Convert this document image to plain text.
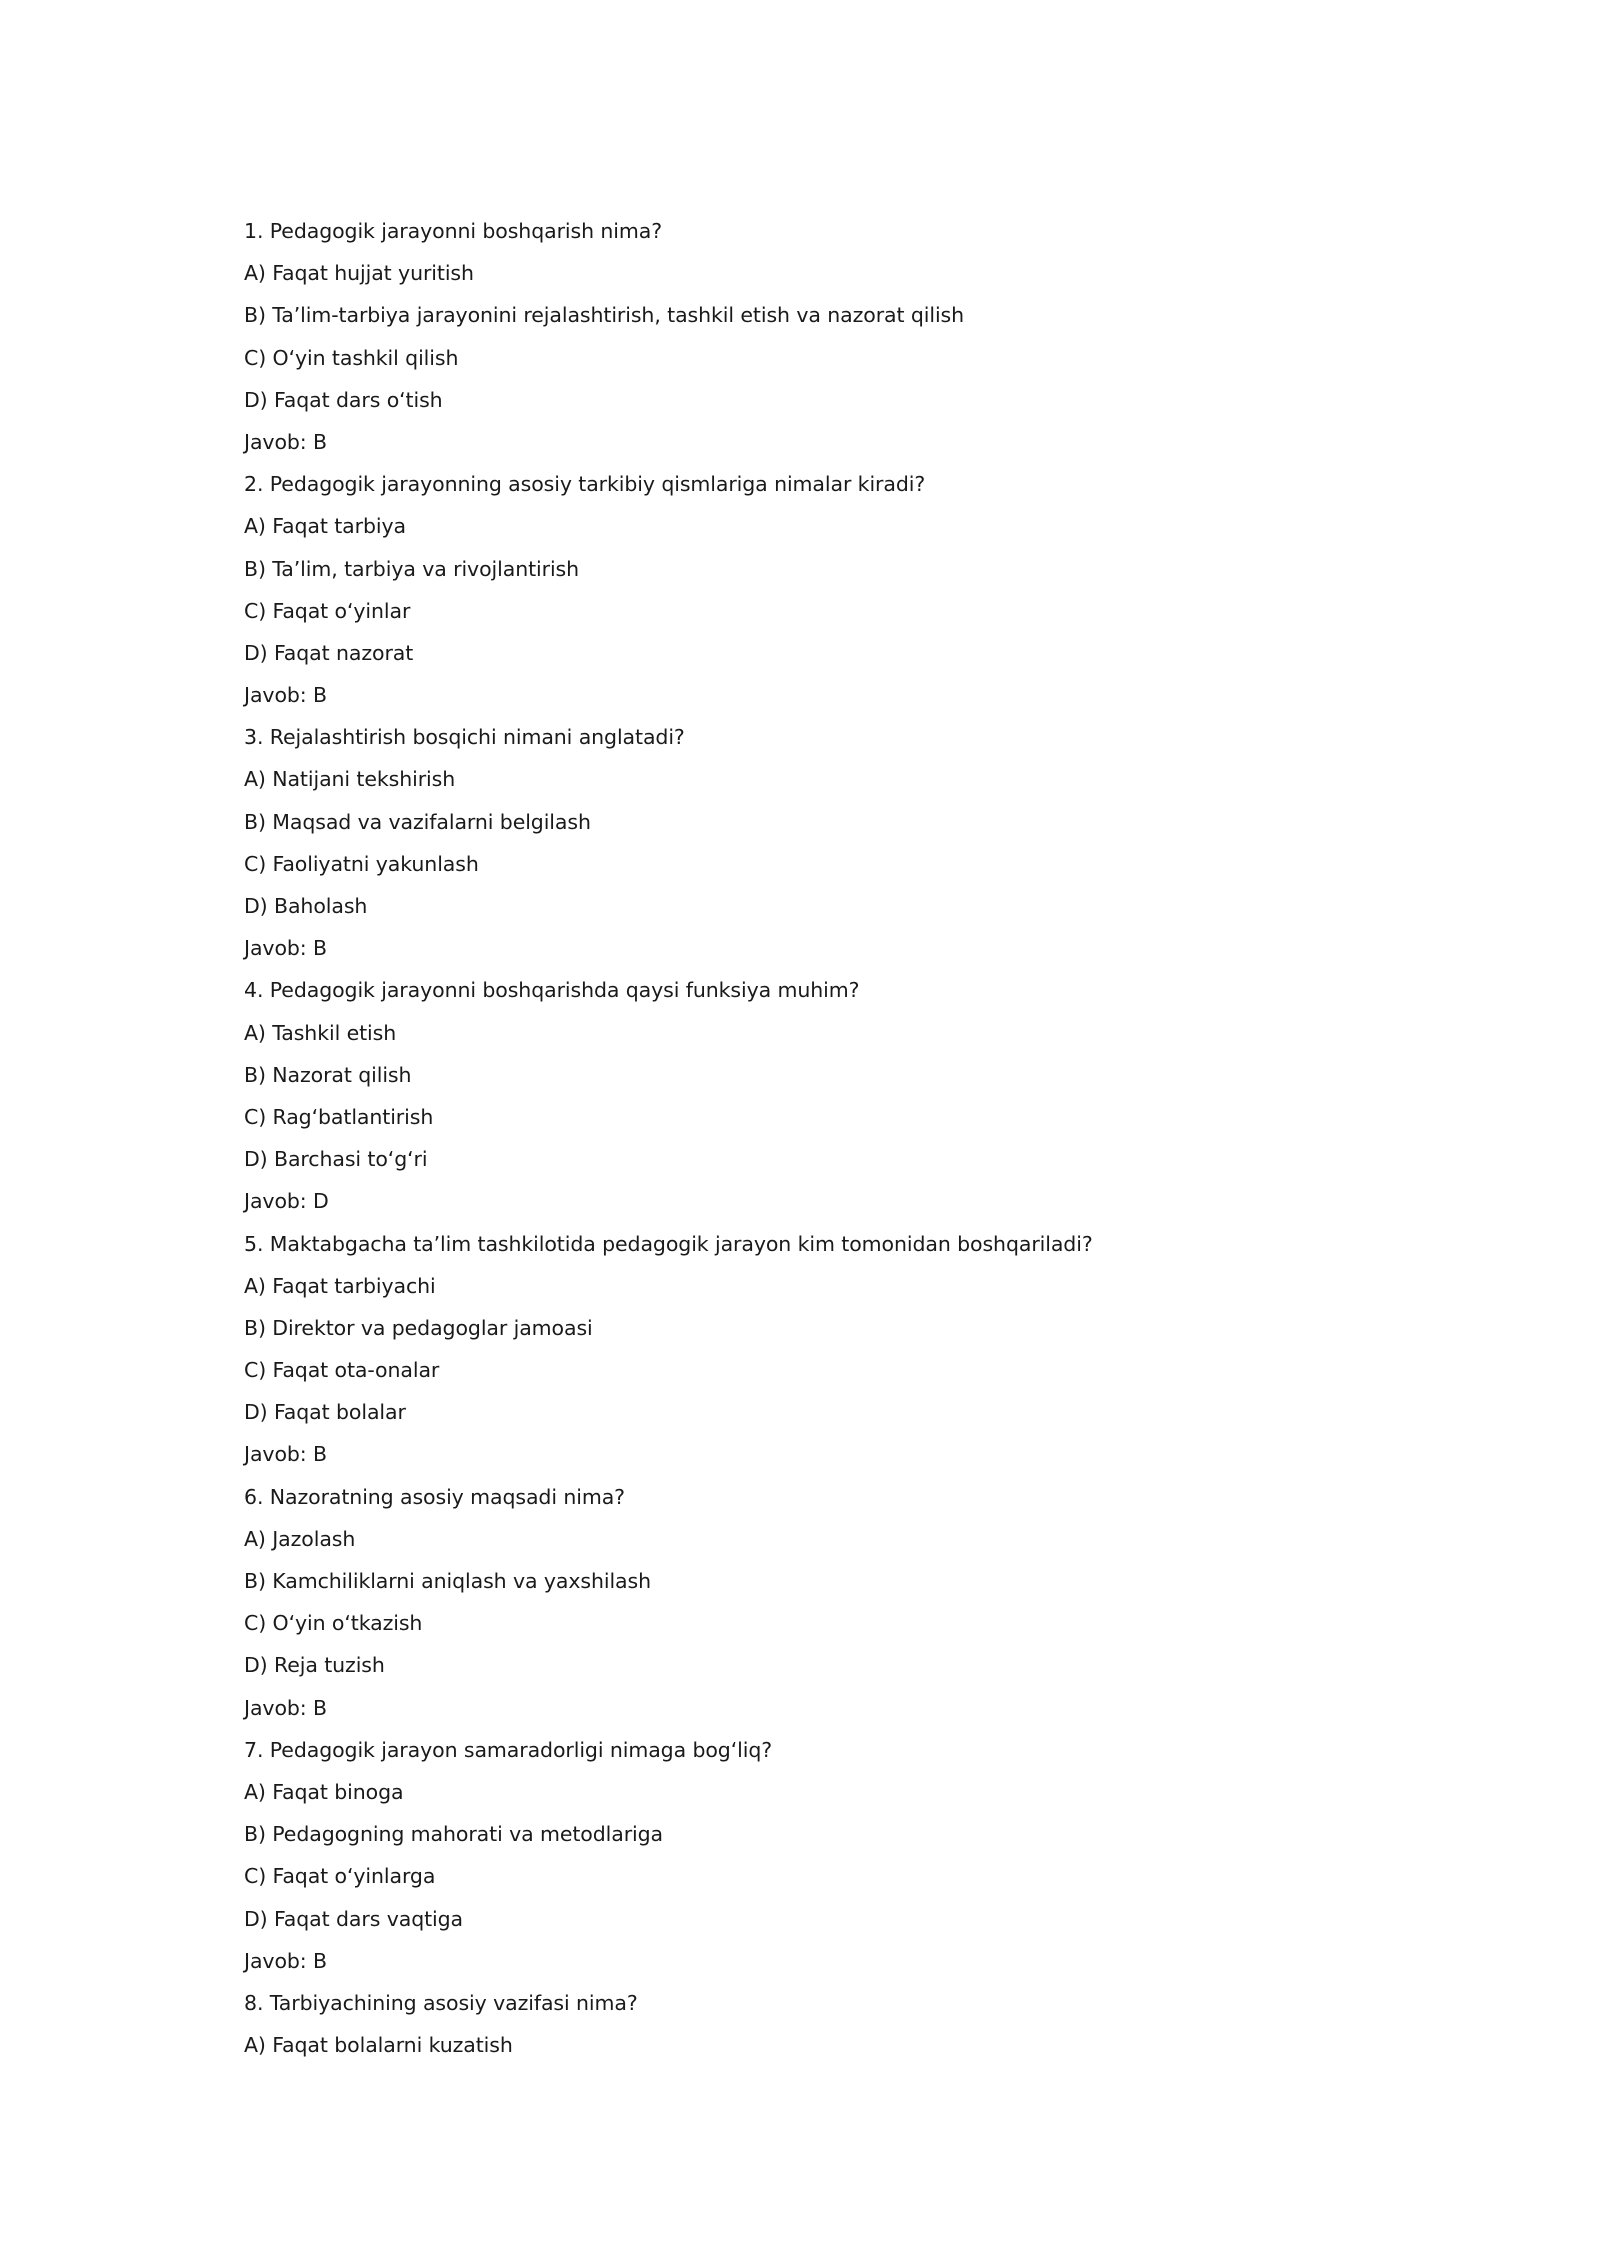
1. Pedagogik jarayonni boshqarish nima?
A) Faqat hujjat yuritish
B) Ta’lim-tarbiya jarayonini rejalashtirish, tashkil etish va nazorat qilish
C) O‘yin tashkil qilish
D) Faqat dars o‘tish
Javob: B
2. Pedagogik jarayonning asosiy tarkibiy qismlariga nimalar kiradi?
A) Faqat tarbiya
B) Ta’lim, tarbiya va rivojlantirish
C) Faqat o‘yinlar
D) Faqat nazorat
Javob: B
3. Rejalashtirish bosqichi nimani anglatadi?
A) Natijani tekshirish
B) Maqsad va vazifalarni belgilash
C) Faoliyatni yakunlash
D) Baholash
Javob: B
4. Pedagogik jarayonni boshqarishda qaysi funksiya muhim?
A) Tashkil etish
B) Nazorat qilish
C) Rag‘batlantirish
D) Barchasi to‘g‘ri
Javob: D
5. Maktabgacha ta’lim tashkilotida pedagogik jarayon kim tomonidan boshqariladi?
A) Faqat tarbiyachi
B) Direktor va pedagoglar jamoasi
C) Faqat ota-onalar
D) Faqat bolalar
Javob: B
6. Nazoratning asosiy maqsadi nima?
A) Jazolash
B) Kamchiliklarni aniqlash va yaxshilash
C) O‘yin o‘tkazish
D) Reja tuzish
Javob: B
7. Pedagogik jarayon samaradorligi nimaga bog‘liq?
A) Faqat binoga
B) Pedagogning mahorati va metodlariga
C) Faqat o‘yinlarga
D) Faqat dars vaqtiga
Javob: B
8. Tarbiyachining asosiy vazifasi nima?
A) Faqat bolalarni kuzatish
